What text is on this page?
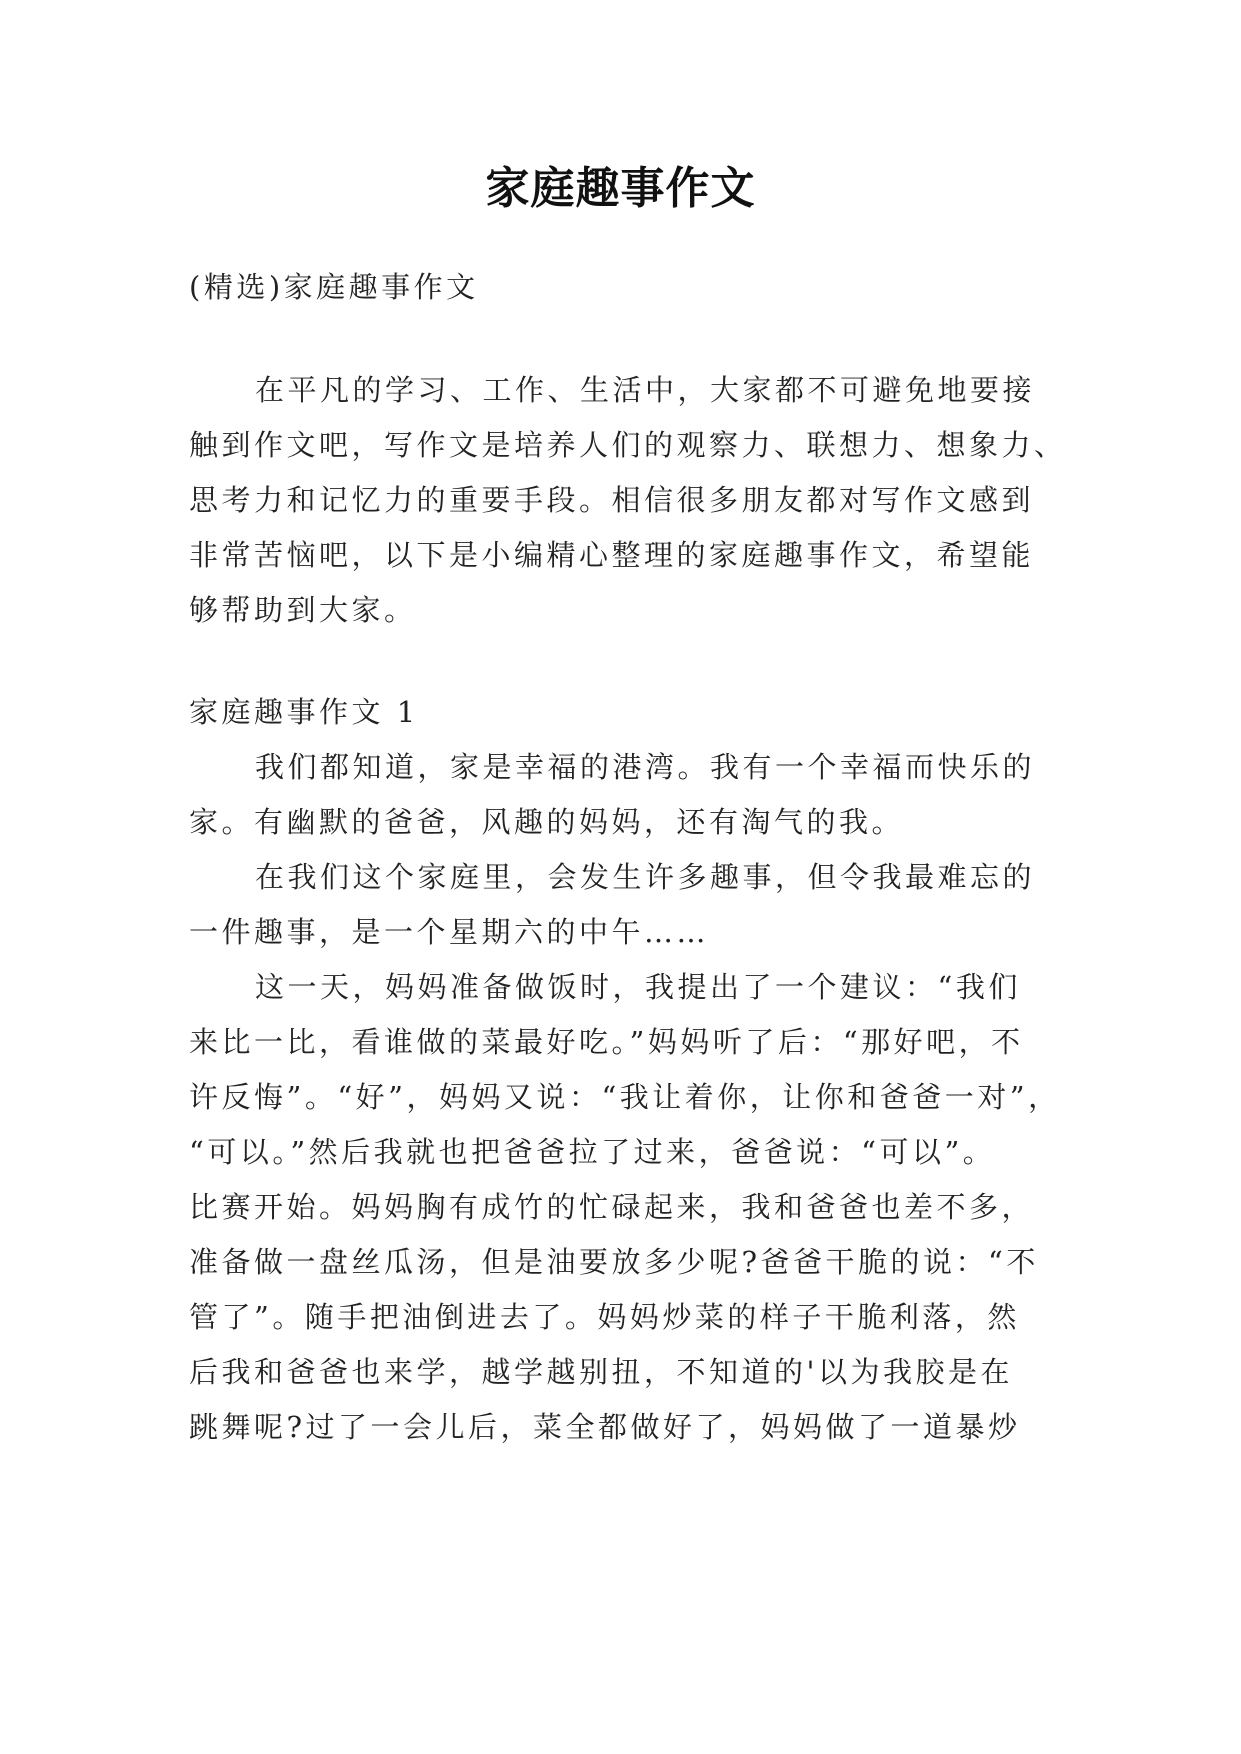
家庭趣事作文
(精选)家庭趣事作文
在平凡的学习、工作、生活中，大家都不可避免地要接
触到作文吧，写作文是培养人们的观察力、联想力、想象力、
思考力和记忆力的重要手段。相信很多朋友都对写作文感到
非常苦恼吧，以下是小编精心整理的家庭趣事作文，希望能
够帮助到大家。
家庭趣事作文 1
我们都知道，家是幸福的港湾。我有一个幸福而快乐的
家。有幽默的爸爸，风趣的妈妈，还有淘气的我。
在我们这个家庭里，会发生许多趣事，但令我最难忘的
一件趣事，是一个星期六的中午……
这一天，妈妈准备做饭时，我提出了一个建议：“我们
来比一比，看谁做的菜最好吃。”妈妈听了后：“那好吧，不
许反悔”。“好”，妈妈又说：“我让着你，让你和爸爸一对”，
“可以。”然后我就也把爸爸拉了过来，爸爸说：“可以”。
比赛开始。妈妈胸有成竹的忙碌起来，我和爸爸也差不多，
准备做一盘丝瓜汤，但是油要放多少呢?爸爸干脆的说：“不
管了”。随手把油倒进去了。妈妈炒菜的样子干脆利落，然
后我和爸爸也来学，越学越别扭，不知道的'以为我胶是在
跳舞呢?过了一会儿后，菜全都做好了，妈妈做了一道暴炒
